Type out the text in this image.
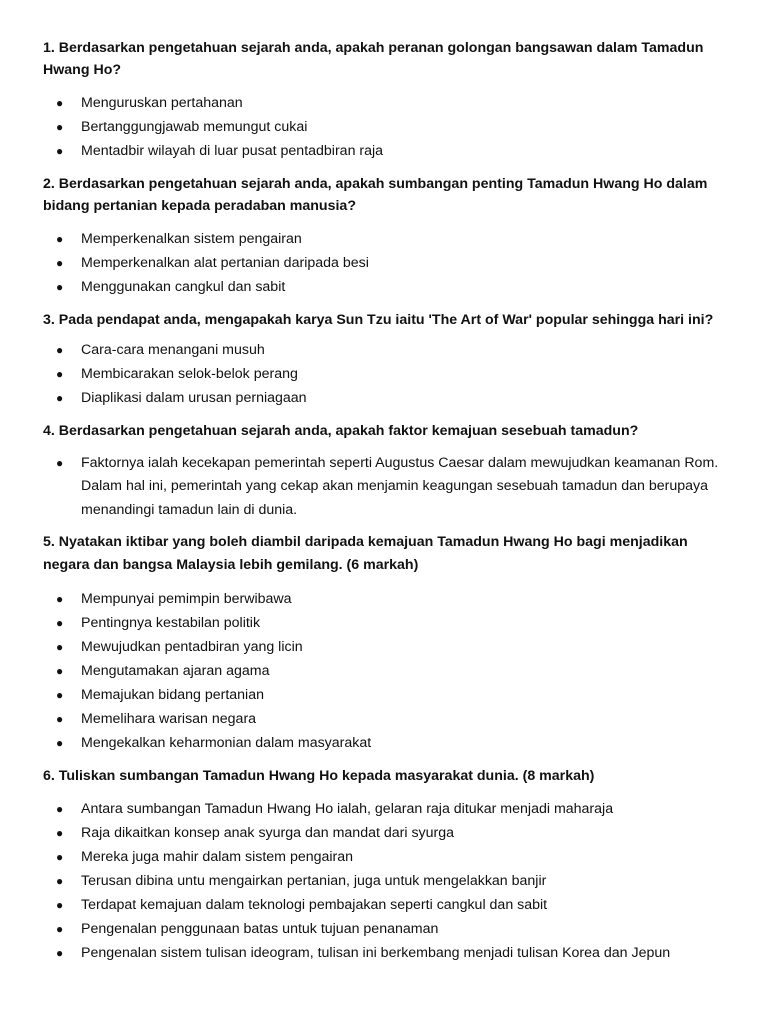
1. Berdasarkan pengetahuan sejarah anda, apakah peranan golongan bangsawan dalam Tamadun Hwang Ho?

● Menguruskan pertahanan
● Bertanggungjawab memungut cukai
● Mentadbir wilayah di luar pusat pentadbiran raja

2. Berdasarkan pengetahuan sejarah anda, apakah sumbangan penting Tamadun Hwang Ho dalam bidang pertanian kepada peradaban manusia?

● Memperkenalkan sistem pengairan
● Memperkenalkan alat pertanian daripada besi
● Menggunakan cangkul dan sabit

3. Pada pendapat anda, mengapakah karya Sun Tzu iaitu 'The Art of War' popular sehingga hari ini?

● Cara-cara menangani musuh
● Membicarakan selok-belok perang
● Diaplikasi dalam urusan perniagaan

4. Berdasarkan pengetahuan sejarah anda, apakah faktor kemajuan sesebuah tamadun?

● Faktornya ialah kecekapan pemerintah seperti Augustus Caesar dalam mewujudkan keamanan Rom. Dalam hal ini, pemerintah yang cekap akan menjamin keagungan sesebuah tamadun dan berupaya menandingi tamadun lain di dunia.

5. Nyatakan iktibar yang boleh diambil daripada kemajuan Tamadun Hwang Ho bagi menjadikan negara dan bangsa Malaysia lebih gemilang. (6 markah)

● Mempunyai pemimpin berwibawa
● Pentingnya kestabilan politik
● Mewujudkan pentadbiran yang licin
● Mengutamakan ajaran agama
● Memajukan bidang pertanian
● Memelihara warisan negara
● Mengekalkan keharmonian dalam masyarakat

6. Tuliskan sumbangan Tamadun Hwang Ho kepada masyarakat dunia. (8 markah)

● Antara sumbangan Tamadun Hwang Ho ialah, gelaran raja ditukar menjadi maharaja
● Raja dikaitkan konsep anak syurga dan mandat dari syurga
● Mereka juga mahir dalam sistem pengairan
● Terusan dibina untu mengairkan pertanian, juga untuk mengelakkan banjir
● Terdapat kemajuan dalam teknologi pembajakan seperti cangkul dan sabit
● Pengenalan penggunaan batas untuk tujuan penanaman
● Pengenalan sistem tulisan ideogram, tulisan ini berkembang menjadi tulisan Korea dan Jepun
